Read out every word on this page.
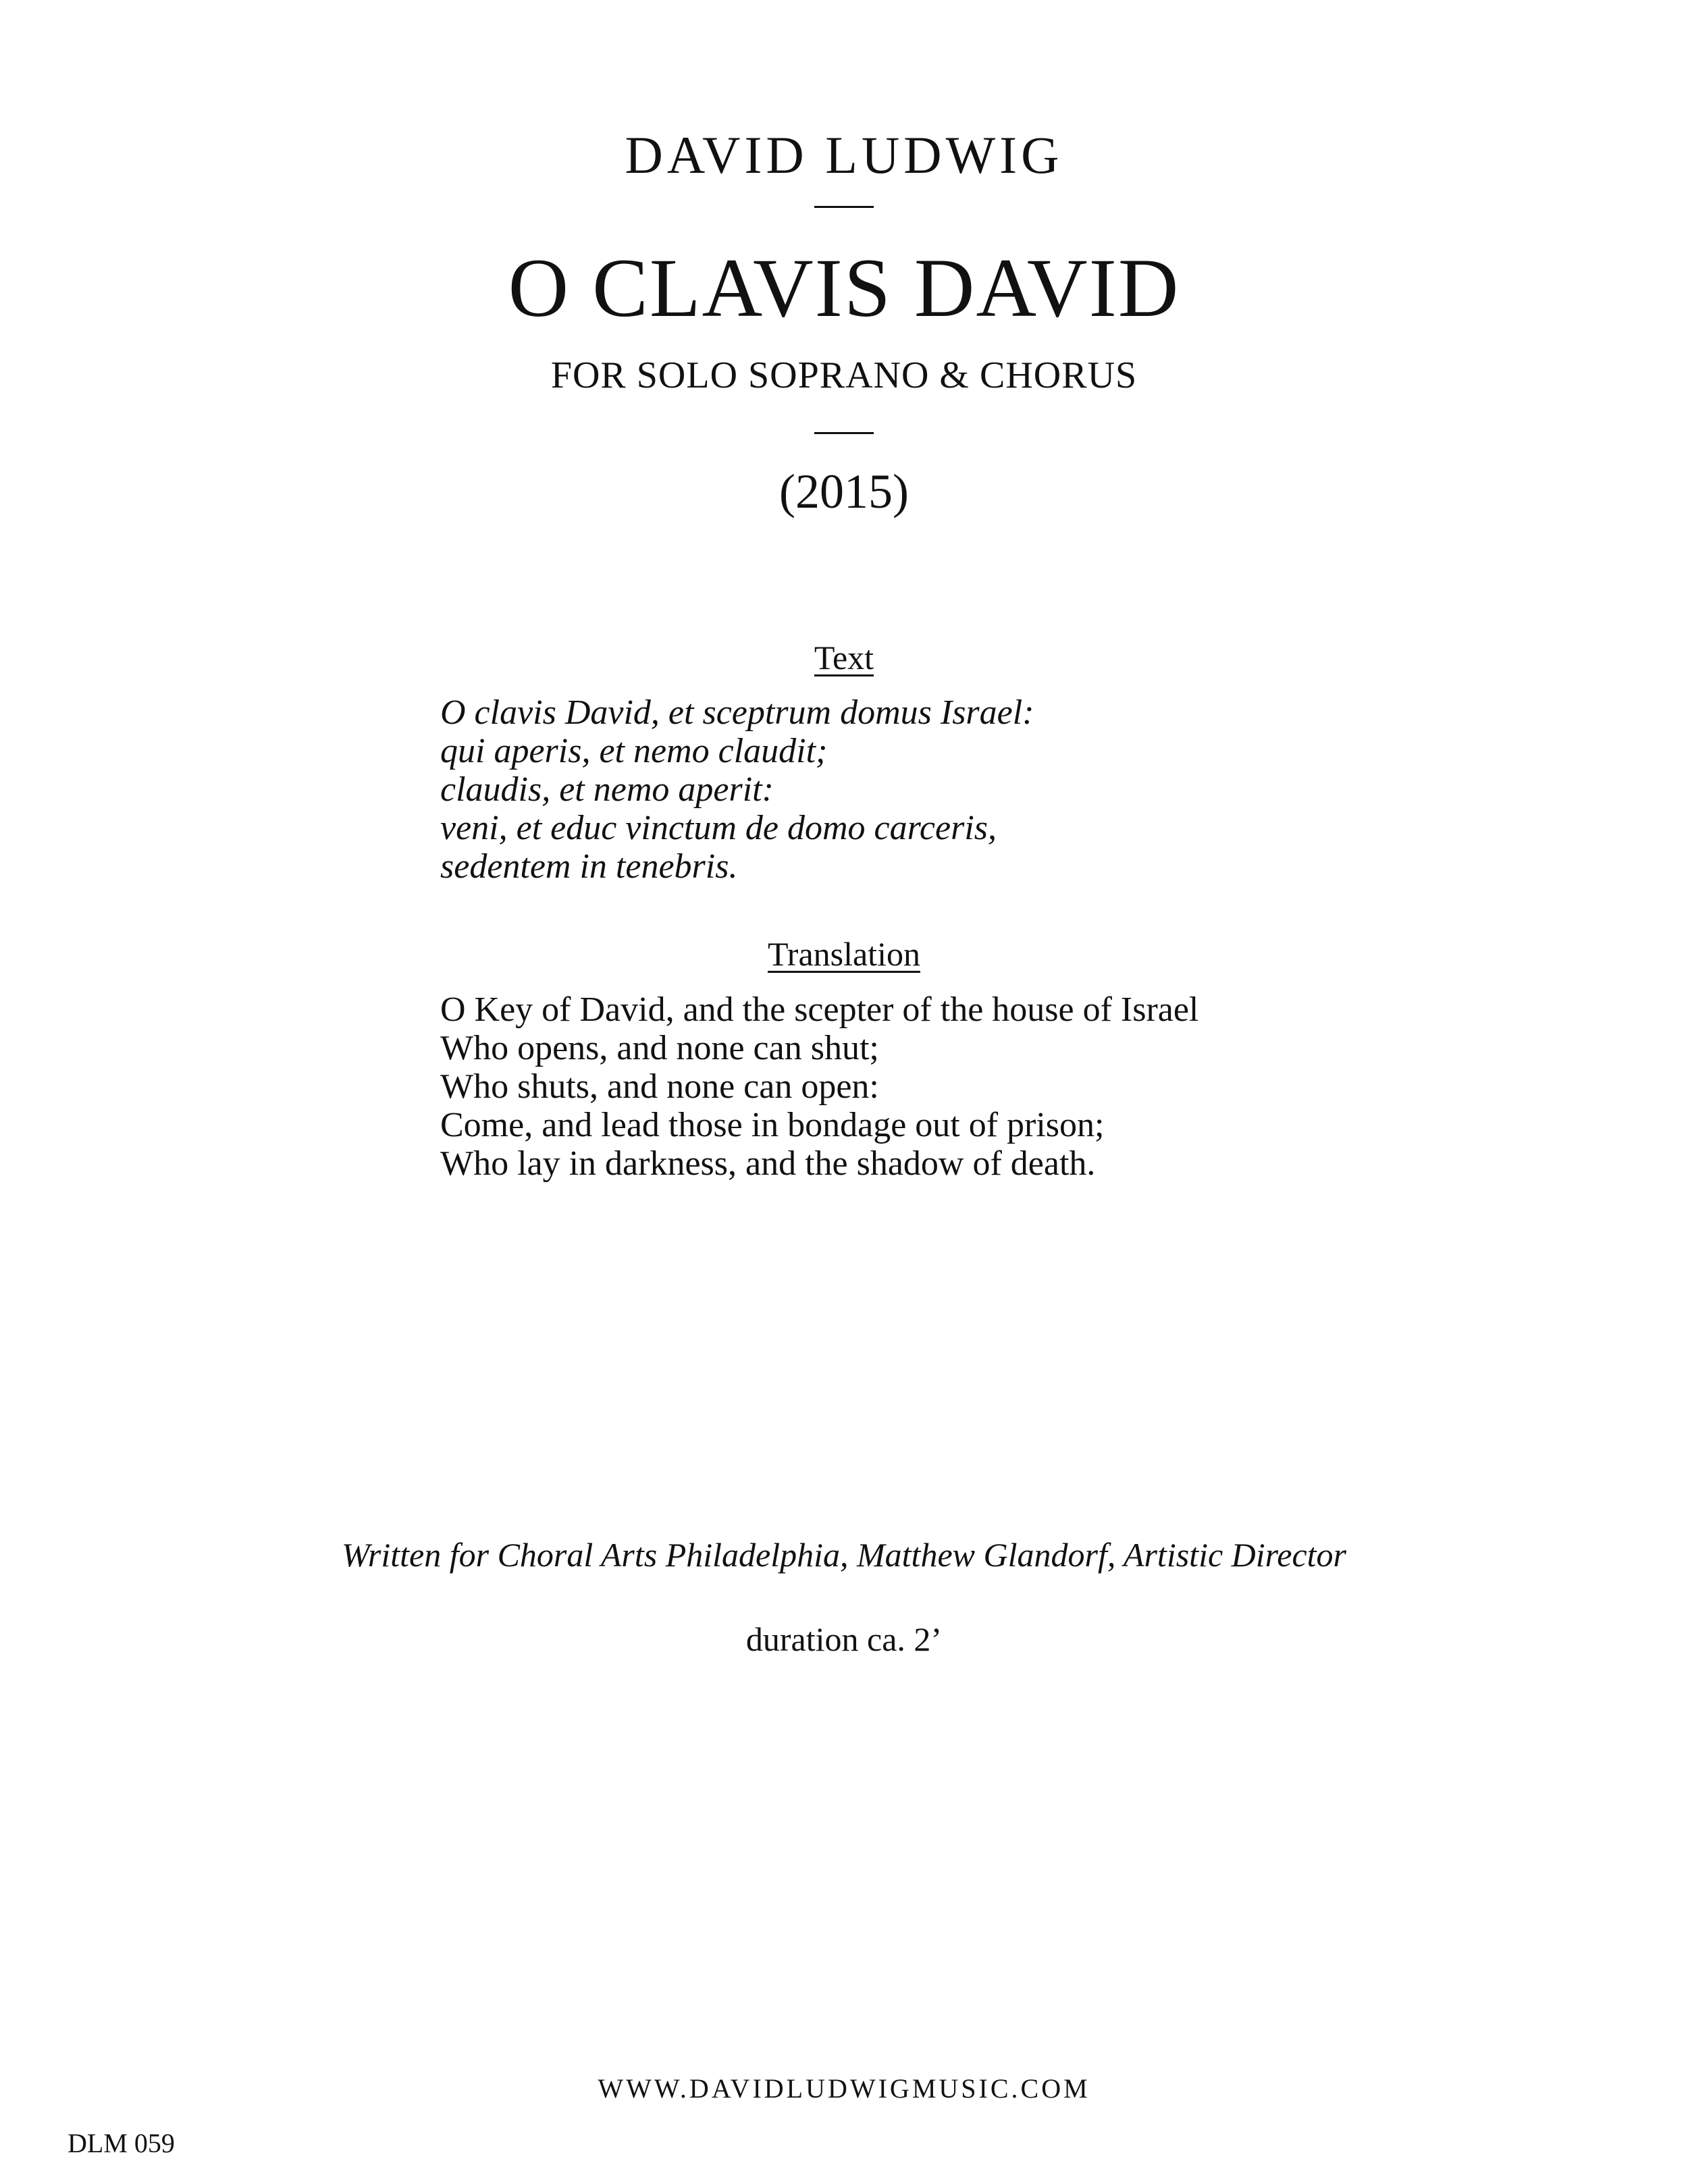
DAVID LUDWIG
O CLAVIS DAVID
FOR SOLO SOPRANO & CHORUS
(2015)
Text
O clavis David, et sceptrum domus Israel:
qui aperis, et nemo claudit;
claudis, et nemo aperit:
veni, et educ vinctum de domo carceris,
sedentem in tenebris.
Translation
O Key of David, and the scepter of the house of Israel
Who opens, and none can shut;
Who shuts, and none can open:
Come, and lead those in bondage out of prison;
Who lay in darkness, and the shadow of death.
Written for Choral Arts Philadelphia, Matthew Glandorf, Artistic Director
duration ca. 2’
WWW.DAVIDLUDWIGMUSIC.COM
DLM 059
